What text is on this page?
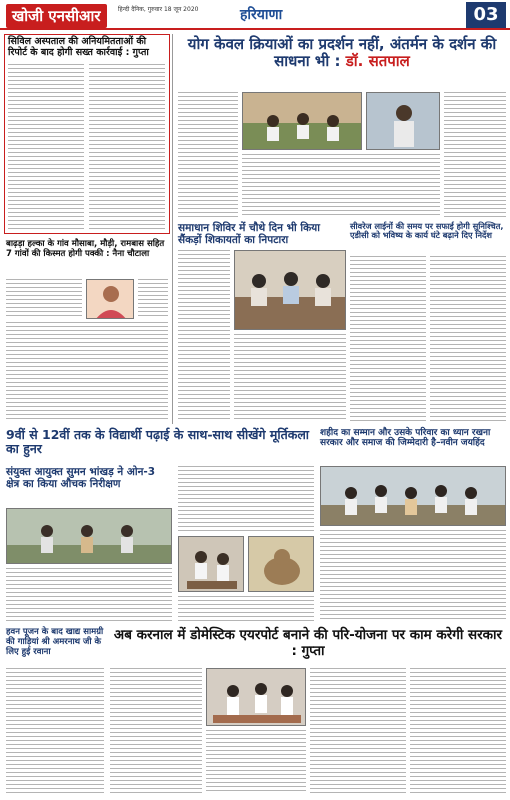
खोजी एनसीआर	हिन्दी दैनिक, गुरुवार 18 जून 2020	हरियाणा	03
सिविल अस्पताल की अनियमितताओं की रिपोर्ट के बाद होगी सख्त कार्रवाई : गुप्ता
बाढ़ड़ा हल्का के गांव मौसाबा, मौड़ी, रामबास सहित 7 गांवों की किस्मत होगी पक्की : नैना चौटाला
योग केवल क्रियाओं का प्रदर्शन नहीं, अंतर्मन के दर्शन की साधना भी : डॉ. सतपाल
समाधान शिविर में चौथे दिन भी किया सैंकड़ों शिकायतों का निपटारा
सीवरेज लाईनों की समय पर सफाई होगी सुनिश्चित, एडीसी को भविष्य के कार्य घंटे बढ़ाने दिए निर्देश
9वीं से 12वीं तक के विद्यार्थी पढ़ाई के साथ-साथ सीखेंगे मूर्तिकला का हुनर
संयुक्त आयुक्त सुमन भांखड़ ने ओन-3 क्षेत्र का किया औचक निरीक्षण
शहीद का सम्मान और उसके परिवार का ध्यान रखना सरकार और समाज की जिम्मेदारी है–नवीन जयहिंद
अब करनाल में डोमेस्टिक एयरपोर्ट बनाने की परि-योजना पर काम करेगी सरकार : गुप्ता
हवन पूजन के बाद खाद्य सामग्री की गाड़ियां श्री अमरनाथ जी के लिए हुई रवाना
